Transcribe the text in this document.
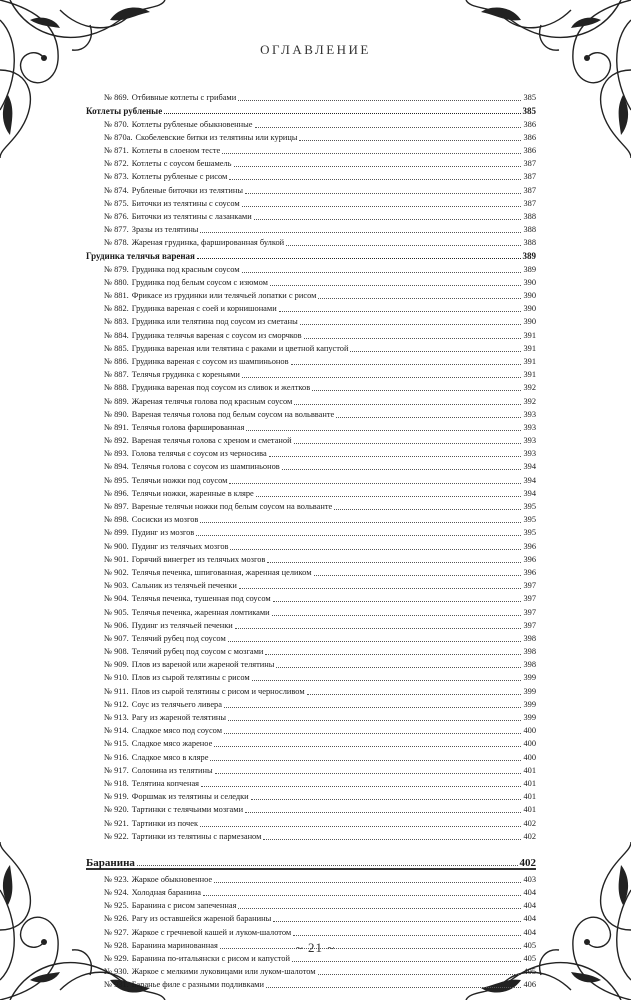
ОГЛАВЛЕНИЕ
№ 869. Отбивные котлеты с грибами	385
Котлеты рубленые	385
№ 870. Котлеты рубленые обыкновенные	386
№ 870а. Скобелевские битки из телятины или курицы	386
№ 871. Котлеты в слоеном тесте	386
№ 872. Котлеты с соусом бешамель	387
№ 873. Котлеты рубленые с рисом	387
№ 874. Рубленые биточки из телятины	387
№ 875. Биточки из телятины с соусом	387
№ 876. Биточки из телятины с лазанками	388
№ 877. Зразы из телятины	388
№ 878. Жареная грудинка, фаршированная булкой	388
Грудинка телячья вареная	389
№ 879. Грудинка под красным соусом	389
№ 880. Грудинка под белым соусом с изюмом	390
№ 881. Фрикасе из грудинки или телячьей лопатки с рисом	390
№ 882. Грудинка вареная с соей и корнишонами	390
№ 883. Грудинка или телятина под соусом из сметаны	390
№ 884. Грудинка телячья вареная с соусом из сморчков	391
№ 885. Грудинка вареная или телятина с раками и цветной капустой	391
№ 886. Грудинка вареная с соусом из шампиньонов	391
№ 887. Телячья грудинка с кореньями	391
№ 888. Грудинка вареная под соусом из сливок и желтков	392
№ 889. Жареная телячья голова под красным соусом	392
№ 890. Вареная телячья голова под белым соусом на вольвванте	393
№ 891. Телячья голова фаршированная	393
№ 892. Вареная телячья голова с хреном и сметаной	393
№ 893. Голова телячья с соусом из черносива	393
№ 894. Телячья голова с соусом из шампиньонов	394
№ 895. Телячьи ножки под соусом	394
№ 896. Телячьи ножки, жаренные в кляре	394
№ 897. Вареные телячьи ножки под белым соусом на вольванте	395
№ 898. Сосиски из мозгов	395
№ 899. Пудинг из мозгов	395
№ 900. Пудинг из телячьих мозгов	396
№ 901. Горячий винегрет из телячьих мозгов	396
№ 902. Телячья печенка, шпигованная, жаренная целиком	396
№ 903. Сальник из телячьей печенки	397
№ 904. Телячья печенка, тушенная под соусом	397
№ 905. Телячья печенка, жаренная ломтиками	397
№ 906. Пудинг из телячьей печенки	397
№ 907. Телячий рубец под соусом	398
№ 908. Телячий рубец под соусом с мозгами	398
№ 909. Плов из вареной или жареной телятины	398
№ 910. Плов из сырой телятины с рисом	399
№ 911. Плов из сырой телятины с рисом и черносливом	399
№ 912. Соус из телячьего ливера	399
№ 913. Рагу из жареной телятины	399
№ 914. Сладкое мясо под соусом	400
№ 915. Сладкое мясо жареное	400
№ 916. Сладкое мясо в кляре	400
№ 917. Солонина из телятины	401
№ 918. Телятина копченая	401
№ 919. Форшмак из телятины и селедки	401
№ 920. Тартинки с телячьими мозгами	401
№ 921. Тартинки из почек	402
№ 922. Тартинки из телятины с пармезаном	402
Баранина	402
№ 923. Жаркое обыкновенное	403
№ 924. Холодная баранина	404
№ 925. Баранина с рисом запеченная	404
№ 926. Рагу из оставшейся жареной баранины	404
№ 927. Жаркое с гречневой кашей и луком-шалотом	404
№ 928. Баранина маринованная	405
№ 929. Баранина по-итальянски с рисом и капустой	405
№ 930. Жаркое с мелкими луковицами или луком-шалотом	405
№ 931. Баранье филе с разными подливками	406
~ 21 ~
